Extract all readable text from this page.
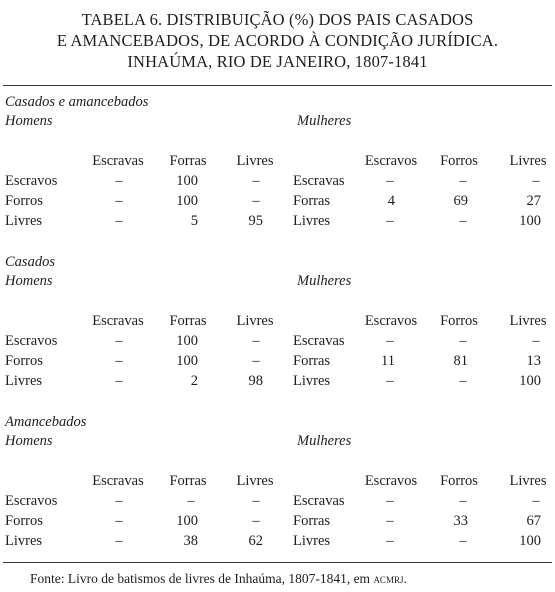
TABELA 6. DISTRIBUIÇÃO (%) DOS PAIS CASADOS
E AMANCEBADOS, DE ACORDO À CONDIÇÃO JURÍDICA.
INHAÚMA, RIO DE JANEIRO, 1807-1841
Casados e amancebados
Homens	Mulheres
Escravas	Forras	Livres	Escravos	Forros	Livres
Escravos	–	100	–
Forros	–	100	–
Livres	–	5	95
Escravas	–	–	–
Forras	4	69	27
Livres	–	–	100
Casados
Homens	Mulheres
Escravas	Forras	Livres	Escravos	Forros	Livres
Escravos	–	100	–
Forros	–	100	–
Livres	–	2	98
Escravas	–	–	–
Forras	11	81	13
Livres	–	–	100
Amancebados
Homens	Mulheres
Escravas	Forras	Livres	Escravos	Forros	Livres
Escravos	–	–	–
Forros	–	100	–
Livres	–	38	62
Escravas	–	–	–
Forras	–	33	67
Livres	–	–	100
Fonte: Livro de batismos de livres de Inhaúma, 1807-1841, em acmrj.
